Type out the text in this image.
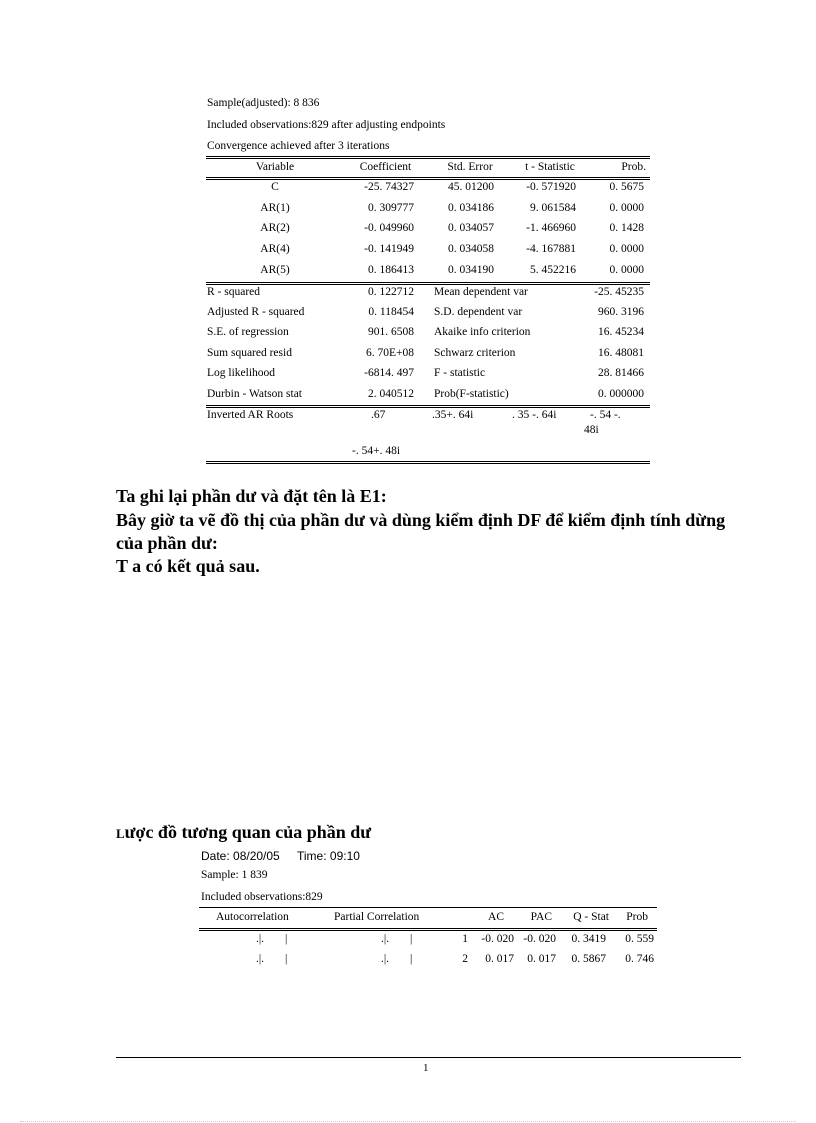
Sample(adjusted): 8 836
Included observations:829 after adjusting endpoints
Convergence achieved after 3 iterations
Variable	Coefficient	Std. Error	t - Statistic	Prob.
C	-25. 74327	45. 01200	-0. 571920	0. 5675
AR(1)	0. 309777	0. 034186	9. 061584	0. 0000
AR(2)	-0. 049960	0. 034057	-1. 466960	0. 1428
AR(4)	-0. 141949	0. 034058	-4. 167881	0. 0000
AR(5)	0. 186413	0. 034190	5. 452216	0. 0000
R - squared	0. 122712 Mean dependent var	-25. 45235
Adjusted R - squared	0. 118454 S.D. dependent var	960. 3196
S.E. of regression	901. 6508 Akaike info criterion	16. 45234
Sum squared resid	6. 70E+08 Schwarz criterion	16. 48081
Log likelihood	-6814. 497 F - statistic	28. 81466
Durbin - Watson stat	2. 040512 Prob(F-statistic)	0. 000000
Inverted AR Roots	.67	.35+. 64i	. 35 -. 64i	-. 54 -.
48i
-. 54+. 48i
Ta ghi lại phần dư và đặt tên là E1:
Bây giờ ta vẽ đồ thị của phần dư và dùng kiểm định DF để kiểm định tính dừng
của phần dư:
T a có kết quả sau.
Lược đồ tương quan của phần dư
Date: 08/20/05 Time: 09:10
Sample: 1 839
Included observations:829
Autocorrelation	Partial Correlation	AC	PAC	Q - Stat	Prob
.|. |	.|. |	1	-0. 020 -0. 020	0. 3419	0. 559
.|. |	.|. |	2	0. 017	0. 017	0. 5867	0. 746
1
